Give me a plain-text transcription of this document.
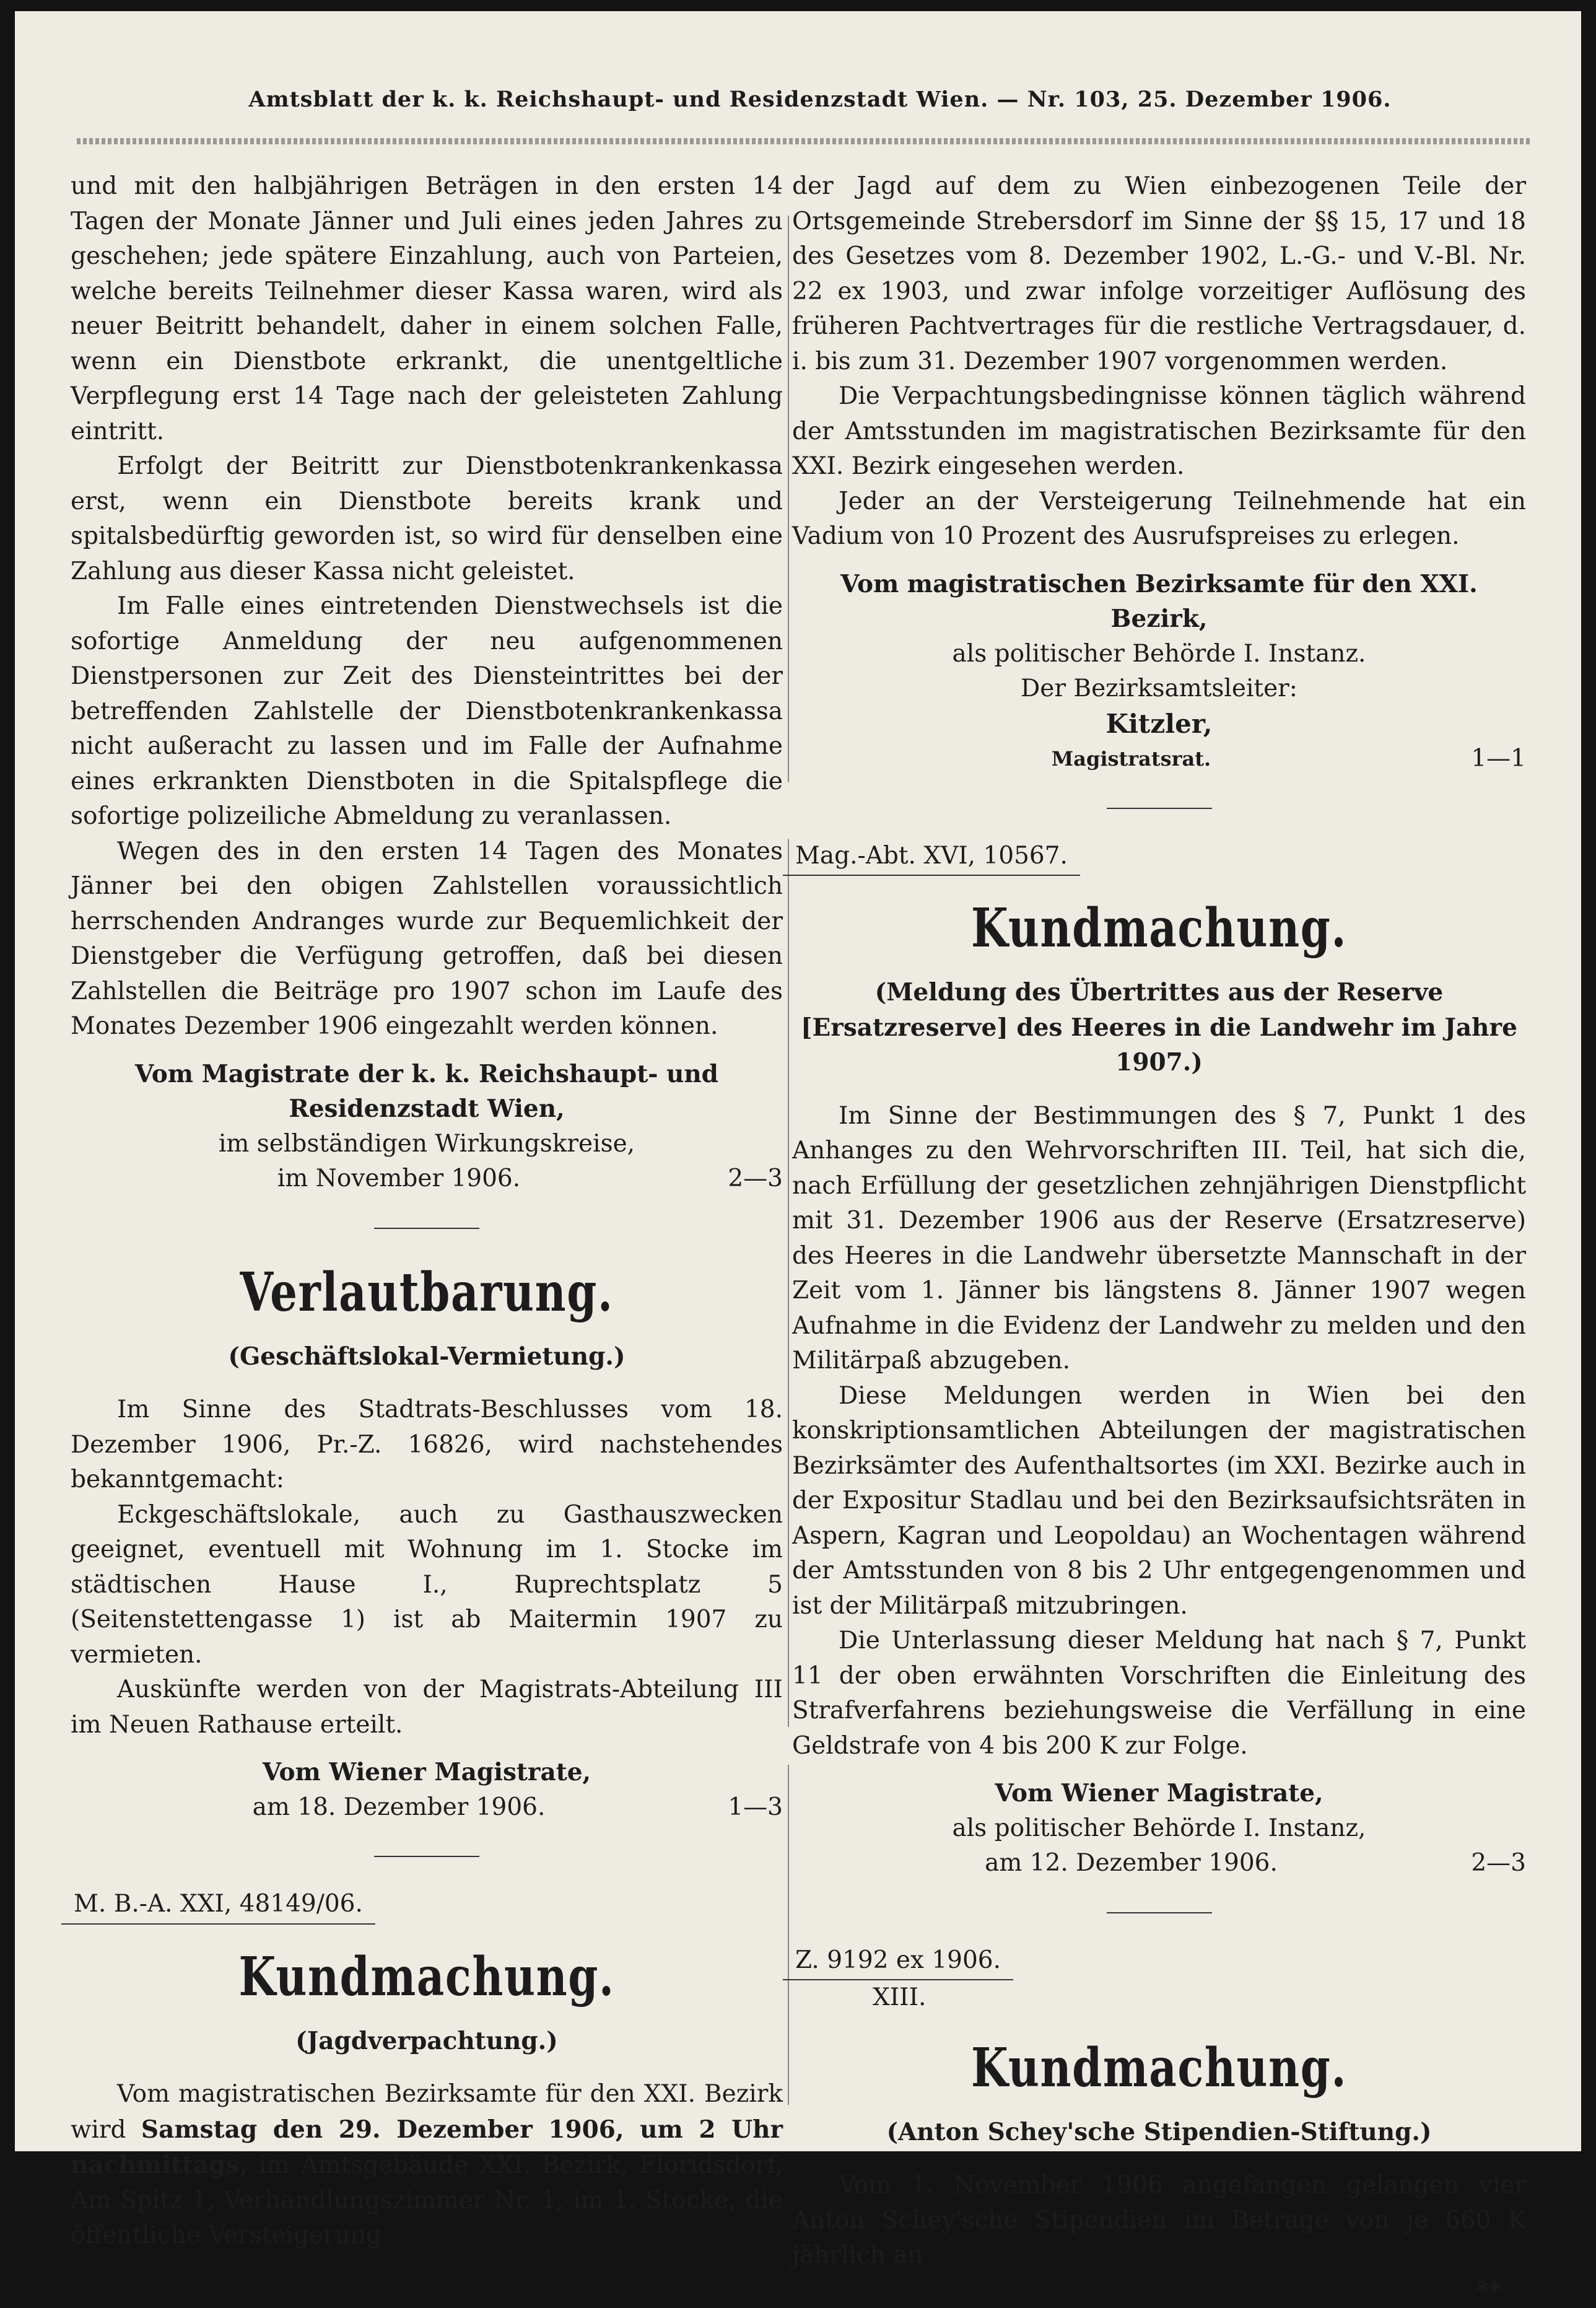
Amtsblatt der k. k. Reichshaupt- und Residenzstadt Wien. — Nr. 103, 25. Dezember 1906.

und mit den halbjährigen Beträgen in den ersten 14 Tagen der Monate Jänner und Juli eines jeden Jahres zu geschehen; jede spätere Einzahlung, auch von Parteien, welche bereits Teilnehmer dieser Kassa waren, wird als neuer Beitritt behandelt, daher in einem solchen Falle, wenn ein Dienstbote erkrankt, die unentgeltliche Verpflegung erst 14 Tage nach der geleisteten Zahlung eintritt.

Erfolgt der Beitritt zur Dienstbotenkrankenkassa erst, wenn ein Dienstbote bereits krank und spitalsbedürftig geworden ist, so wird für denselben eine Zahlung aus dieser Kassa nicht geleistet.

Im Falle eines eintretenden Dienstwechsels ist die sofortige Anmeldung der neu aufgenommenen Dienstpersonen zur Zeit des Diensteintrittes bei der betreffenden Zahlstelle der Dienstbotenkrankenkassa nicht außeracht zu lassen und im Falle der Aufnahme eines erkrankten Dienstboten in die Spitalspflege die sofortige polizeiliche Abmeldung zu veranlassen.

Wegen des in den ersten 14 Tagen des Monates Jänner bei den obigen Zahlstellen voraussichtlich herrschenden Andranges wurde zur Bequemlichkeit der Dienstgeber die Verfügung getroffen, daß bei diesen Zahlstellen die Beiträge pro 1907 schon im Laufe des Monates Dezember 1906 eingezahlt werden können.

Vom Magistrate der k. k. Reichshaupt- und Residenzstadt Wien,
im selbständigen Wirkungskreise,
im November 1906.	2—3
Verlautbarung.
(Geschäftslokal-Vermietung.)

Im Sinne des Stadtrats-Beschlusses vom 18. Dezember 1906, Pr.-Z. 16826, wird nachstehendes bekanntgemacht:

Eckgeschäftslokale, auch zu Gasthauszwecken geeignet, eventuell mit Wohnung im 1. Stocke im städtischen Hause I., Ruprechtsplatz 5 (Seitenstettengasse 1) ist ab Maitermin 1907 zu vermieten.

Auskünfte werden von der Magistrats-Abteilung III im Neuen Rathause erteilt.

Vom Wiener Magistrate,
am 18. Dezember 1906.	1—3
M. B.-A. XXI, 48149/06.
Kundmachung.
(Jagdverpachtung.)

Vom magistratischen Bezirksamte für den XXI. Bezirk wird Samstag den 29. Dezember 1906, um 2 Uhr nachmittags, im Amtsgebäude XXI. Bezirk, Floridsdorf, Am Spitz 1, Verhandlungszimmer Nr. 1, im 1. Stocke, die öffentliche Versteigerung

der Jagd auf dem zu Wien einbezogenen Teile der Ortsgemeinde Strebersdorf im Sinne der §§ 15, 17 und 18 des Gesetzes vom 8. Dezember 1902, L.-G.- und V.-Bl. Nr. 22 ex 1903, und zwar infolge vorzeitiger Auflösung des früheren Pachtvertrages für die restliche Vertragsdauer, d. i. bis zum 31. Dezember 1907 vorgenommen werden.

Die Verpachtungsbedingnisse können täglich während der Amtsstunden im magistratischen Bezirksamte für den XXI. Bezirk eingesehen werden.

Jeder an der Versteigerung Teilnehmende hat ein Vadium von 10 Prozent des Ausrufspreises zu erlegen.

Vom magistratischen Bezirksamte für den XXI. Bezirk,
als politischer Behörde I. Instanz.
Der Bezirksamtsleiter:
Kitzler,
Magistratsrat.	1—1
Mag.-Abt. XVI, 10567.
Kundmachung.
(Meldung des Übertrittes aus der Reserve [Ersatzreserve] des Heeres in die Landwehr im Jahre 1907.)

Im Sinne der Bestimmungen des § 7, Punkt 1 des Anhanges zu den Wehrvorschriften III. Teil, hat sich die, nach Erfüllung der gesetzlichen zehnjährigen Dienstpflicht mit 31. Dezember 1906 aus der Reserve (Ersatzreserve) des Heeres in die Landwehr übersetzte Mannschaft in der Zeit vom 1. Jänner bis längstens 8. Jänner 1907 wegen Aufnahme in die Evidenz der Landwehr zu melden und den Militärpaß abzugeben.

Diese Meldungen werden in Wien bei den konskriptionsamtlichen Abteilungen der magistratischen Bezirksämter des Aufenthaltsortes (im XXI. Bezirke auch in der Expositur Stadlau und bei den Bezirksaufsichtsräten in Aspern, Kagran und Leopoldau) an Wochentagen während der Amtsstunden von 8 bis 2 Uhr entgegengenommen und ist der Militärpaß mitzubringen.

Die Unterlassung dieser Meldung hat nach § 7, Punkt 11 der oben erwähnten Vorschriften die Einleitung des Strafverfahrens beziehungsweise die Verfällung in eine Geldstrafe von 4 bis 200 K zur Folge.

Vom Wiener Magistrate,
als politischer Behörde I. Instanz,
am 12. Dezember 1906.	2—3
Z. 9192 ex 1906.
XIII.
Kundmachung.
(Anton Schey'sche Stipendien-Stiftung.)

Vom 1. November 1906 angefangen gelangen vier Anton Schey'sche Stipendien im Betrage von je 660 K jährlich an

**
